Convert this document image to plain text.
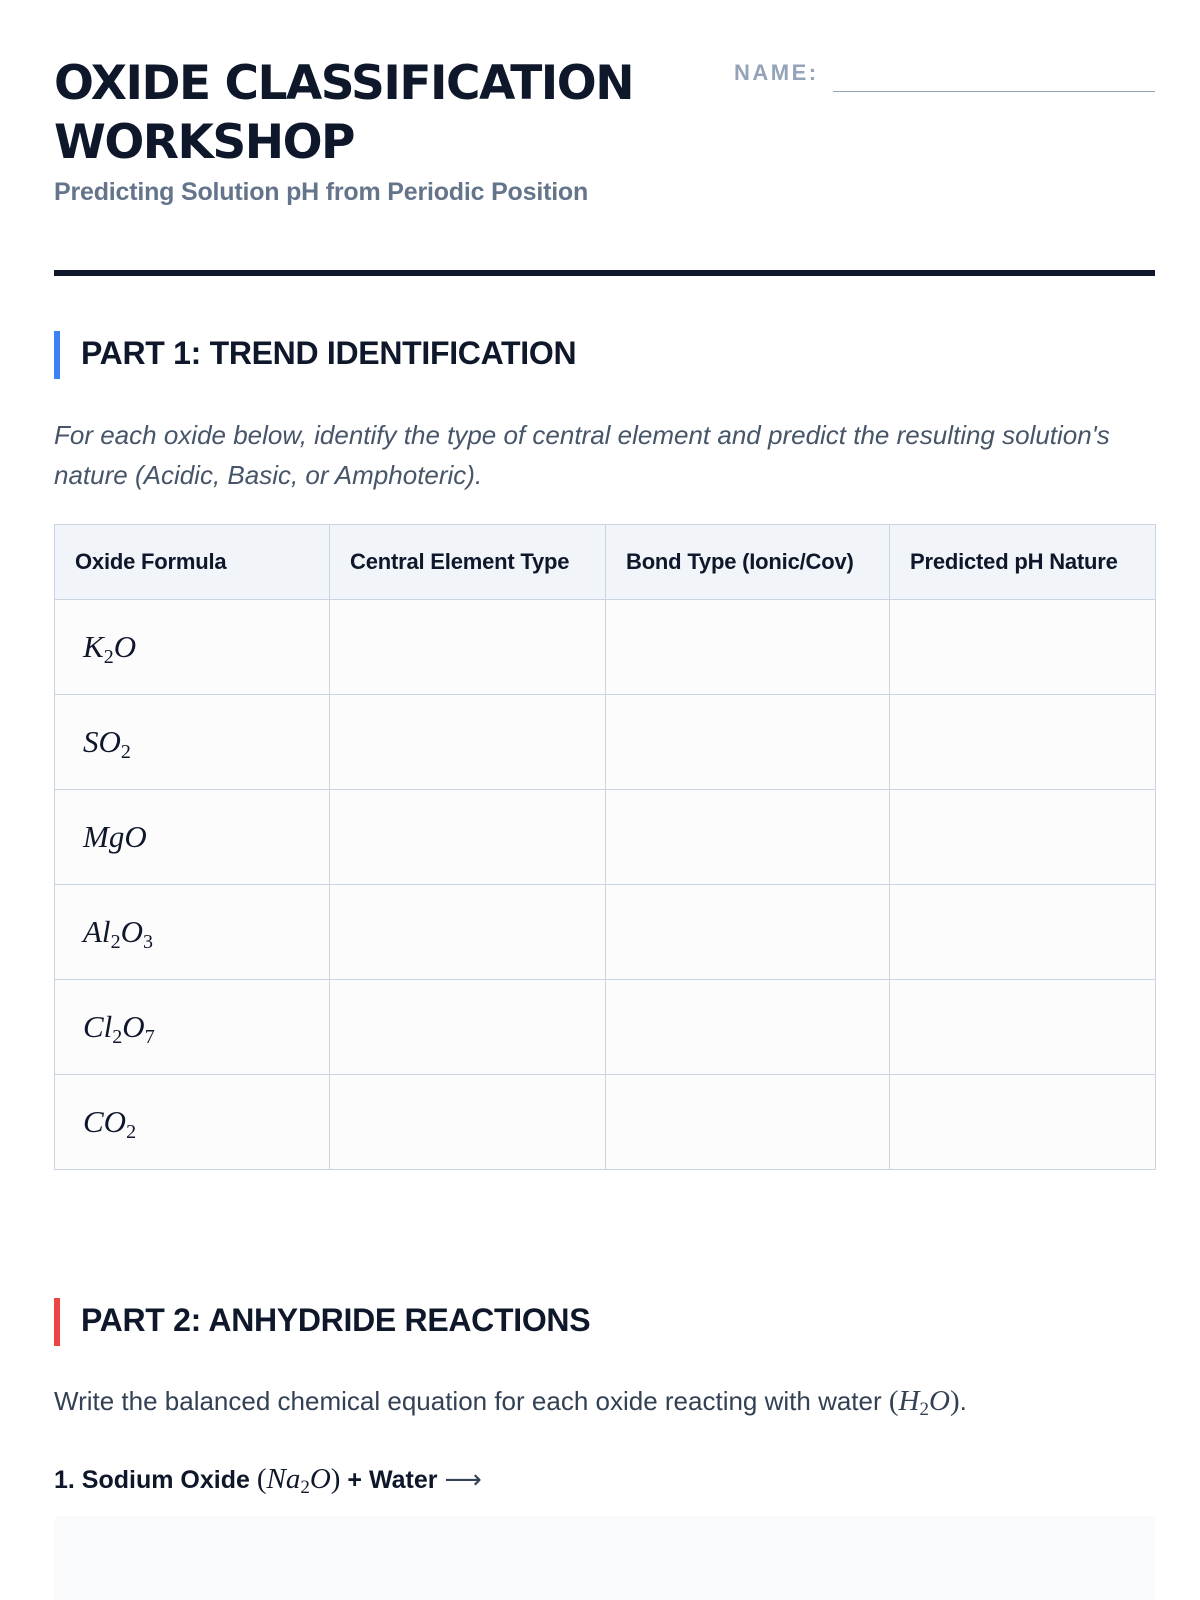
OXIDE CLASSIFICATION WORKSHOP
Predicting Solution pH from Periodic Position
NAME:
PART 1: TREND IDENTIFICATION

For each oxide below, identify the type of central element and predict the resulting solution's nature (Acidic, Basic, or Amphoteric).

Oxide Formula	Central Element Type	Bond Type (Ionic/Cov)	Predicted pH Nature
$K_2O$			
$SO_2$			
MgO			
$Al_2O_3$			
$Cl_2O_7$			
$CO_2$			
PART 2: ANHYDRIDE REACTIONS

Write the balanced chemical equation for each oxide reacting with water $(H_2O)$.

1. Sodium Oxide $(Na_2O)$ + Water ⟶
